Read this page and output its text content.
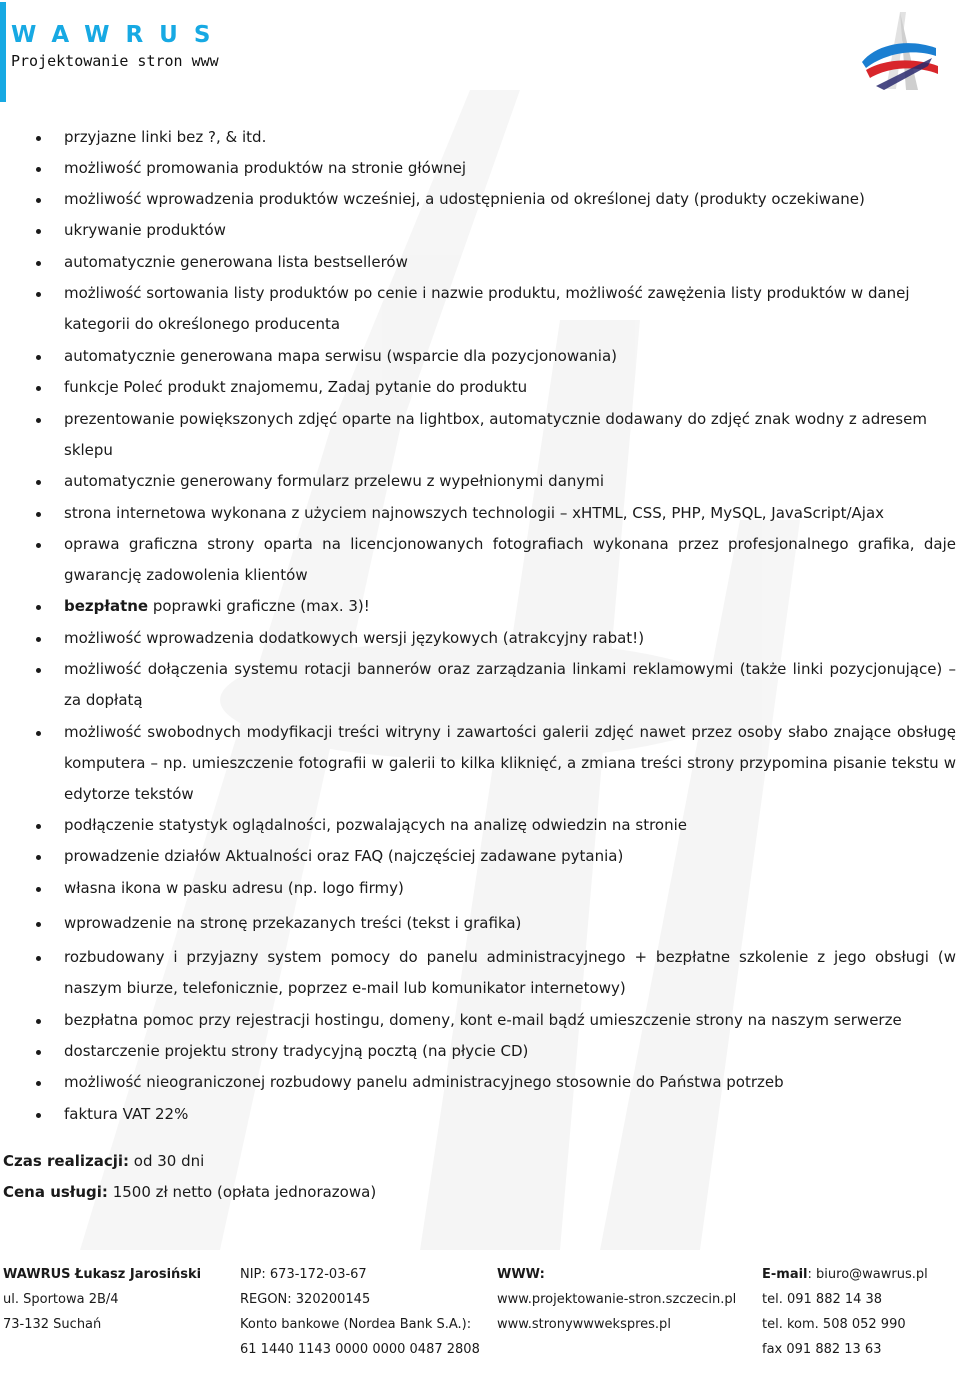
WAWRUS
Projektowanie stron www
przyjazne linki bez ?, & itd.
możliwość promowania produktów na stronie głównej
możliwość wprowadzenia produktów wcześniej, a udostępnienia od określonej daty (produkty oczekiwane)
ukrywanie produktów
automatycznie generowana lista bestsellerów
możliwość sortowania listy produktów po cenie i nazwie produktu, możliwość zawężenia listy produktów w danej kategorii do określonego producenta
automatycznie generowana mapa serwisu (wsparcie dla pozycjonowania)
funkcje Poleć produkt znajomemu, Zadaj pytanie do produktu
prezentowanie powiększonych zdjęć oparte na lightbox, automatycznie dodawany do zdjęć znak wodny z adresem sklepu
automatycznie generowany formularz przelewu z wypełnionymi danymi
strona internetowa wykonana z użyciem najnowszych technologii – xHTML, CSS, PHP, MySQL, JavaScript/Ajax
oprawa graficzna strony oparta na licencjonowanych fotografiach wykonana przez profesjonalnego grafika, daje gwarancję zadowolenia klientów
bezpłatne poprawki graficzne (max. 3)!
możliwość wprowadzenia dodatkowych wersji językowych (atrakcyjny rabat!)
możliwość dołączenia systemu rotacji bannerów oraz zarządzania linkami reklamowymi (także linki pozycjonujące) – za dopłatą
możliwość swobodnych modyfikacji treści witryny i zawartości galerii zdjęć nawet przez osoby słabo znające obsługę komputera – np. umieszczenie fotografii w galerii to kilka kliknięć, a zmiana treści strony przypomina pisanie tekstu w edytorze tekstów
podłączenie statystyk oglądalności, pozwalających na analizę odwiedzin na stronie
prowadzenie działów Aktualności oraz FAQ (najczęściej zadawane pytania)
własna ikona w pasku adresu (np. logo firmy)
wprowadzenie na stronę przekazanych treści (tekst i grafika)
rozbudowany i przyjazny system pomocy do panelu administracyjnego + bezpłatne szkolenie z jego obsługi (w naszym biurze, telefonicznie, poprzez e-mail lub komunikator internetowy)
bezpłatna pomoc przy rejestracji hostingu, domeny, kont e-mail bądź umieszczenie strony na naszym serwerze
dostarczenie projektu strony tradycyjną pocztą (na płycie CD)
możliwość nieograniczonej rozbudowy panelu administracyjnego stosownie do Państwa potrzeb
faktura VAT 22%
Czas realizacji: od 30 dni
Cena usługi: 1500 zł netto (opłata jednorazowa)
WAWRUS Łukasz Jarosiński
ul. Sportowa 2B/4
73-132 Suchań
NIP: 673-172-03-67
REGON: 320200145
Konto bankowe (Nordea Bank S.A.):
61 1440 1143 0000 0000 0487 2808
WWW:
www.projektowanie-stron.szczecin.pl
www.stronywwwekspres.pl
E-mail: biuro@wawrus.pl
tel. 091 882 14 38
tel. kom. 508 052 990
fax 091 882 13 63
